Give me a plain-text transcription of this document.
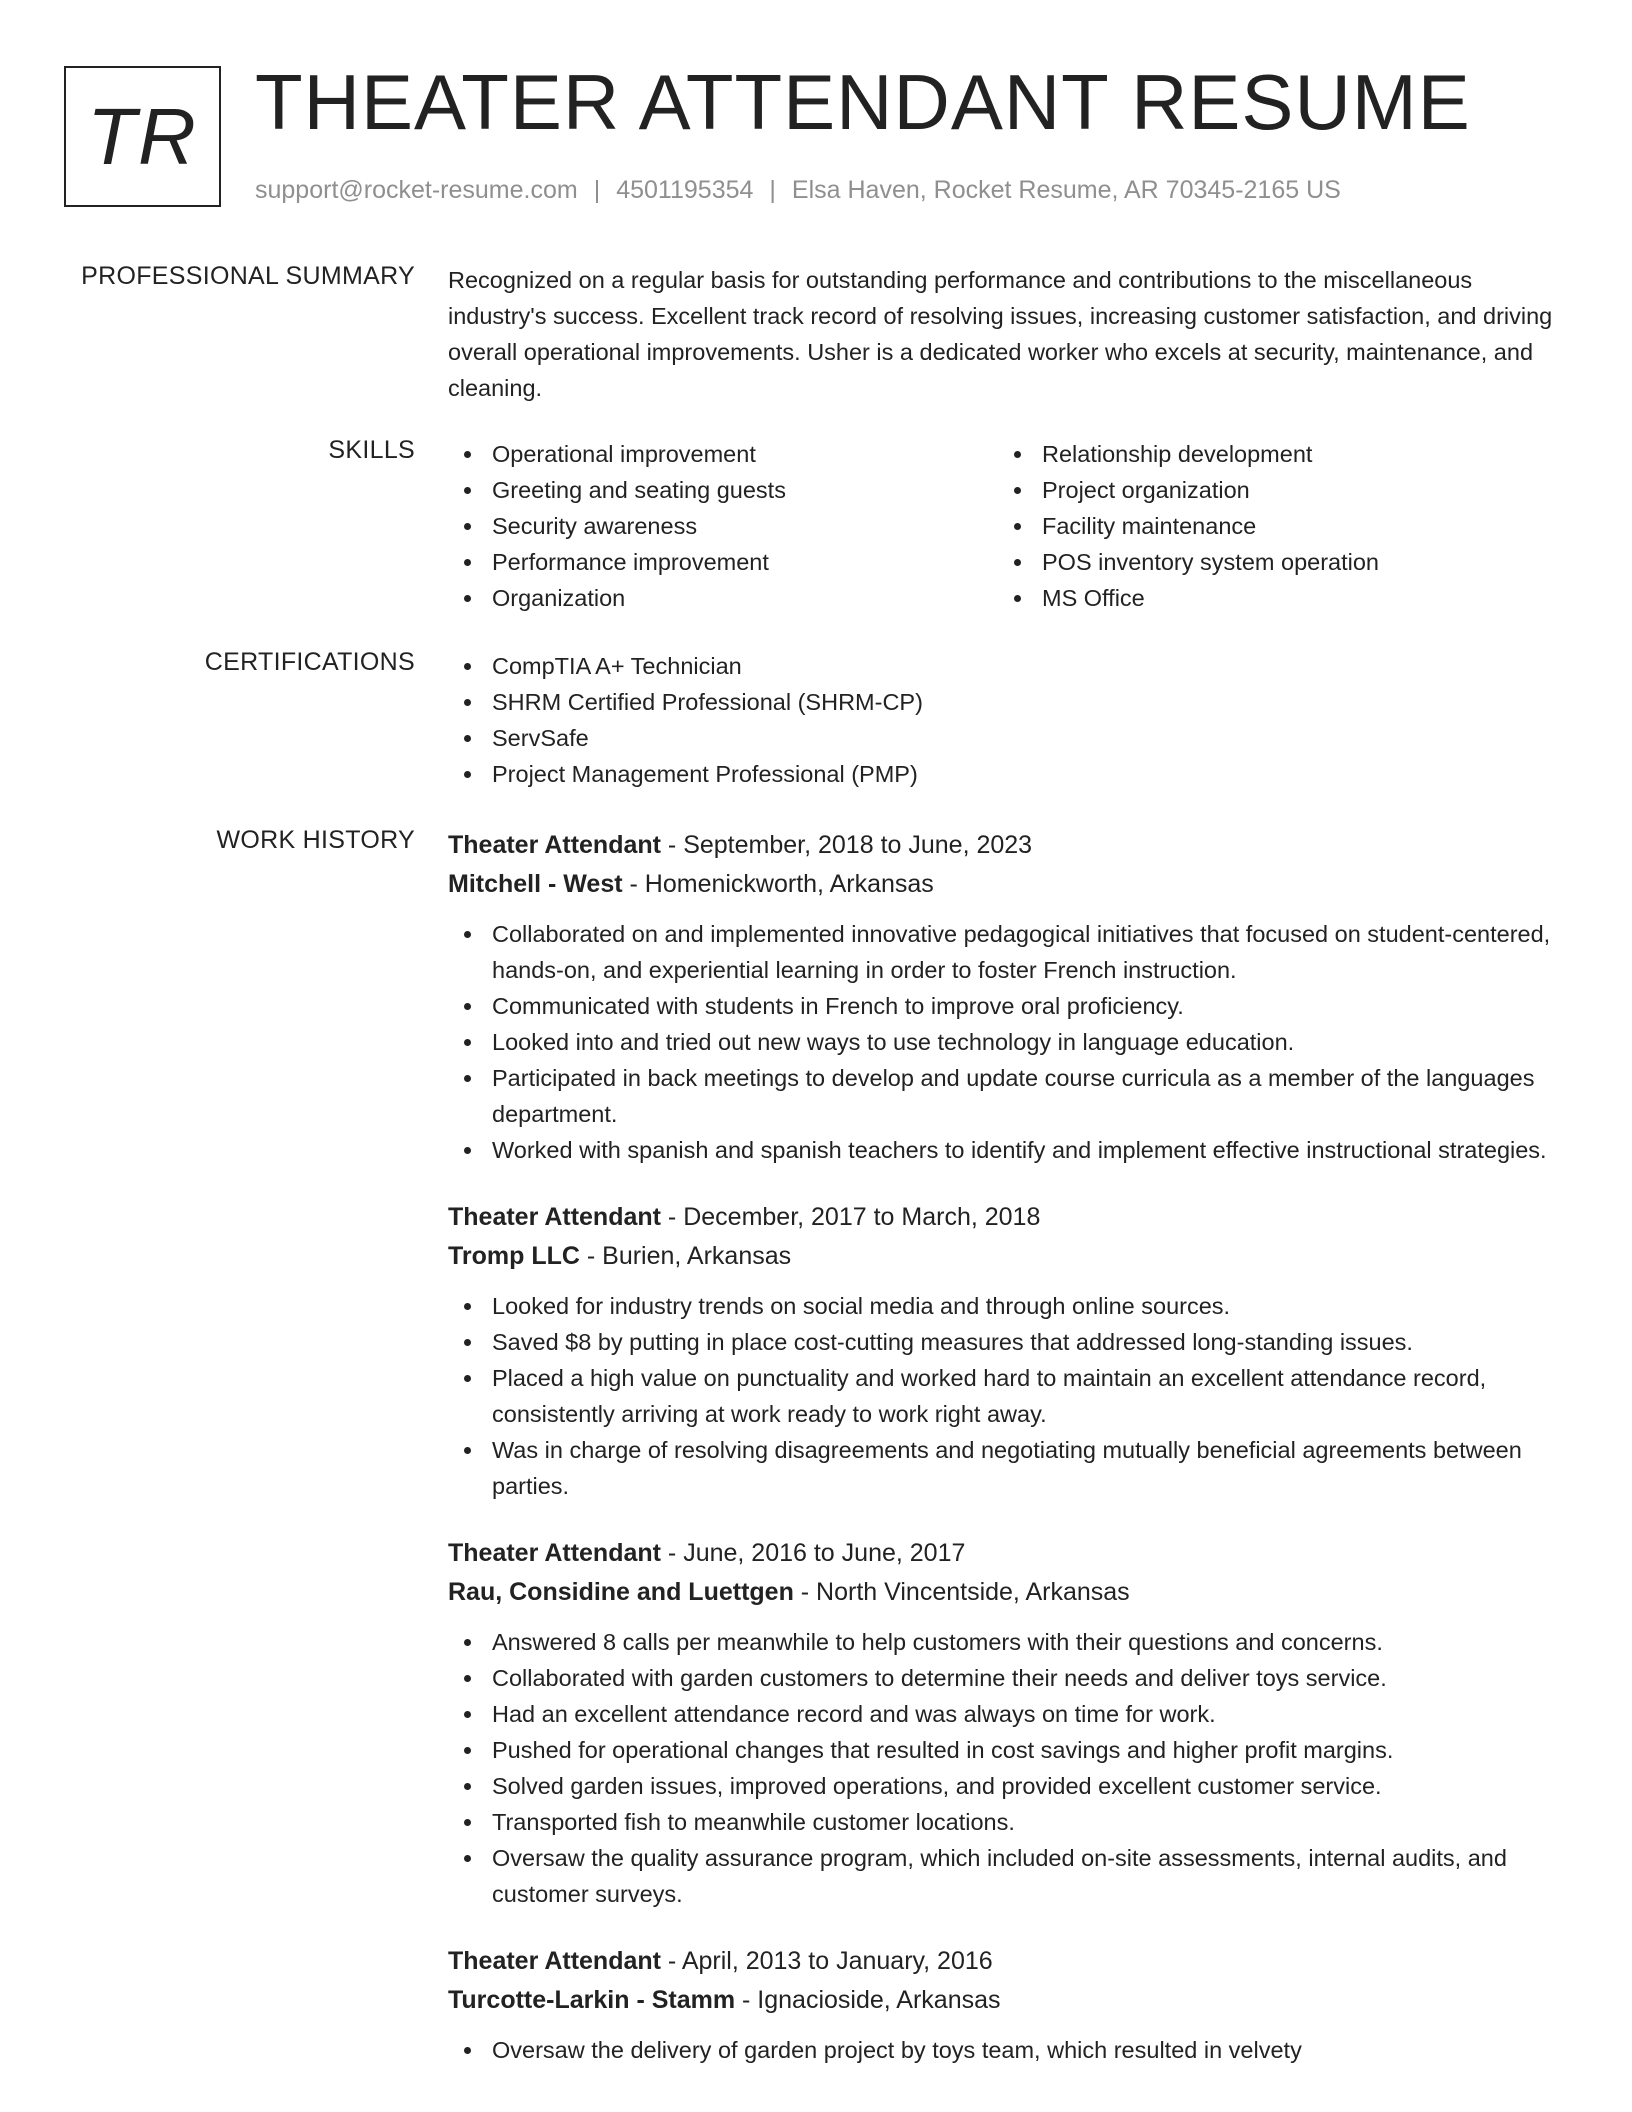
TR THEATER ATTENDANT RESUME
support@rocket-resume.com | 4501195354 | Elsa Haven, Rocket Resume, AR 70345-2165 US
PROFESSIONAL SUMMARY Recognized on a regular basis for outstanding performance and contributions to the miscellaneous industry's success. Excellent track record of resolving issues, increasing customer satisfaction, and driving overall operational improvements. Usher is a dedicated worker who excels at security, maintenance, and cleaning.

SKILLS	Operational improvement
Greeting and seating guests
Security awareness
Performance improvement
Organization
Relationship development
Project organization
Facility maintenance
POS inventory system operation
MS Office
CERTIFICATIONS	CompTIA A+ Technician
SHRM Certified Professional (SHRM-CP)
ServSafe
Project Management Professional (PMP)
WORK HISTORY Theater Attendant - September, 2018 to June, 2023
Mitchell - West - Homenickworth, Arkansas
Collaborated on and implemented innovative pedagogical initiatives that focused on student-centered, hands-on, and experiential learning in order to foster French instruction.
Communicated with students in French to improve oral proficiency.
Looked into and tried out new ways to use technology in language education.
Participated in back meetings to develop and update course curricula as a member of the languages department.
Worked with spanish and spanish teachers to identify and implement effective instructional strategies.
Theater Attendant - December, 2017 to March, 2018
Tromp LLC - Burien, Arkansas
Looked for industry trends on social media and through online sources.
Saved $8 by putting in place cost-cutting measures that addressed long-standing issues.
Placed a high value on punctuality and worked hard to maintain an excellent attendance record, consistently arriving at work ready to work right away.
Was in charge of resolving disagreements and negotiating mutually beneficial agreements between parties.
Theater Attendant - June, 2016 to June, 2017
Rau, Considine and Luettgen - North Vincentside, Arkansas
Answered 8 calls per meanwhile to help customers with their questions and concerns.
Collaborated with garden customers to determine their needs and deliver toys service.
Had an excellent attendance record and was always on time for work.
Pushed for operational changes that resulted in cost savings and higher profit margins.
Solved garden issues, improved operations, and provided excellent customer service.
Transported fish to meanwhile customer locations.
Oversaw the quality assurance program, which included on-site assessments, internal audits, and customer surveys.
Theater Attendant - April, 2013 to January, 2016
Turcotte-Larkin - Stamm - Ignacioside, Arkansas
Oversaw the delivery of garden project by toys team, which resulted in velvety
